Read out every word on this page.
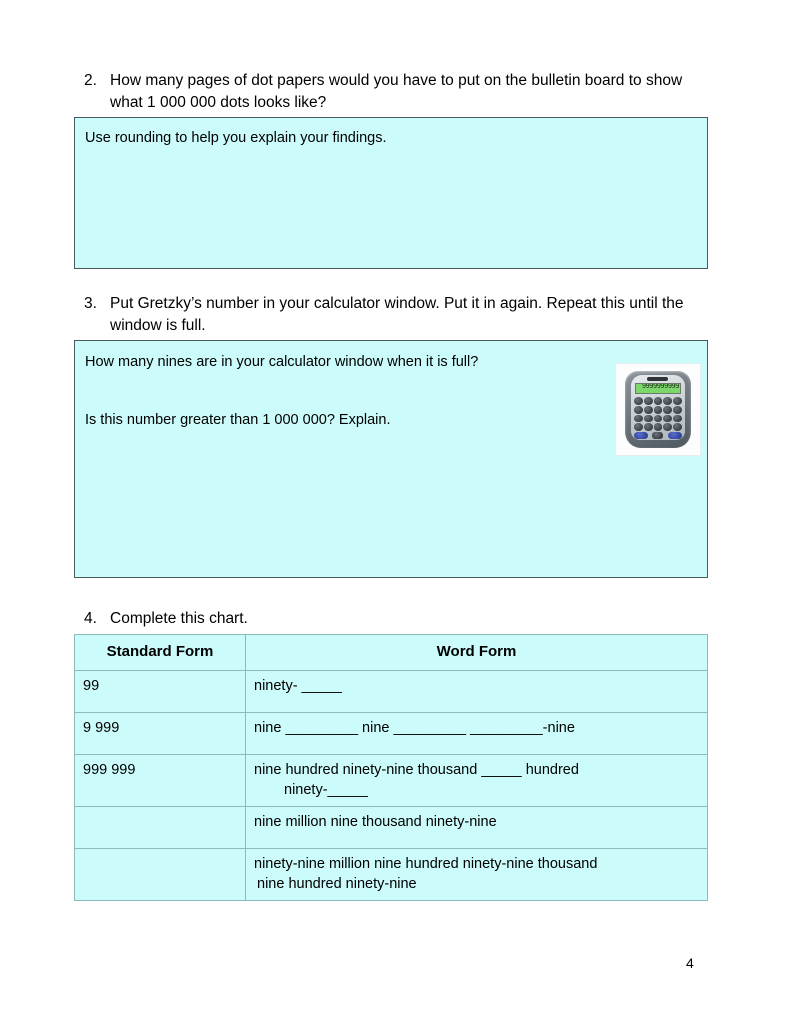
2. How many pages of dot papers would you have to put on the bulletin board to show what 1 000 000 dots looks like?
Use rounding to help you explain your findings.
3. Put Gretzky’s number in your calculator window. Put it in again. Repeat this until the window is full.
How many nines are in your calculator window when it is full?
Is this number greater than 1 000 000? Explain.
9999999999
4. Complete this chart.
Standard Form	Word Form
99	ninety- _____
9 999	nine _________ nine _________ _________-nine
999 999	nine hundred ninety-nine thousand _____ hundred
ninety-_____

	nine million nine thousand ninety-nine
	ninety-nine million nine hundred ninety-nine thousand
nine hundred ninety-nine
4
